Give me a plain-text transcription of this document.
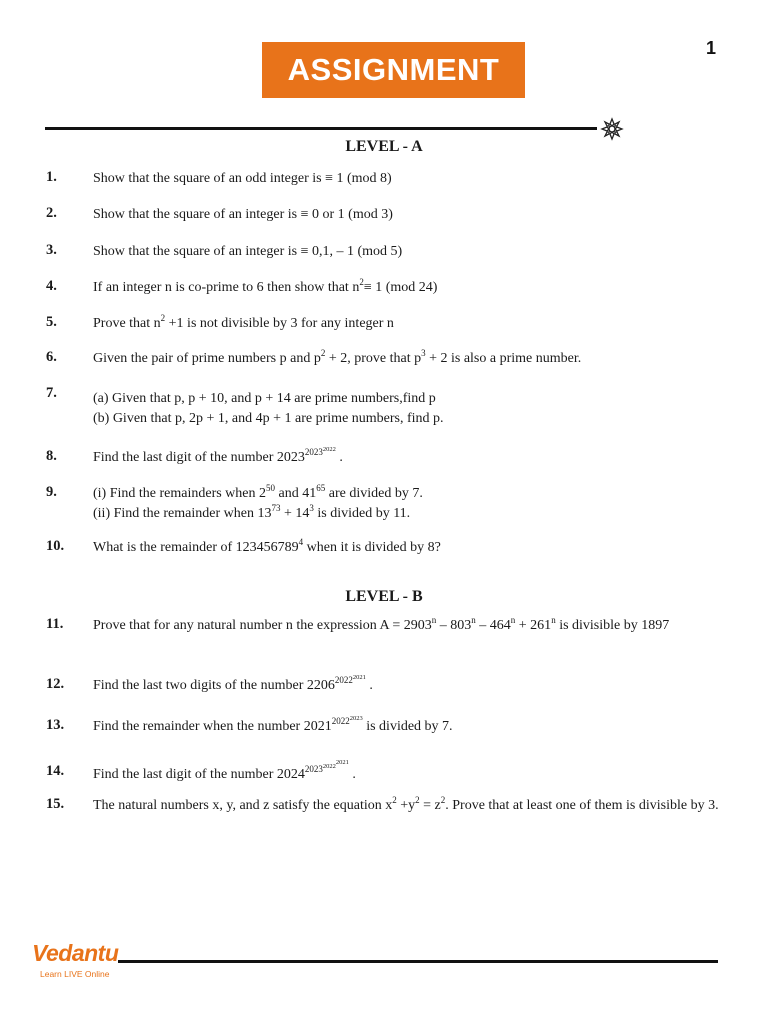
1
ASSIGNMENT
LEVEL - A
1.	Show that the square of an odd integer is ≡ 1 (mod 8)
2.	Show that the square of an integer is ≡ 0 or 1 (mod 3)
3.	Show that the square of an integer is ≡ 0,1, – 1 (mod 5)
4.	If an integer n is co-prime to 6 then show that $n^2\equiv 1$ (mod 24)
5.	Prove that $n^2 +1$ is not divisible by 3 for any integer n
6.	Given the pair of prime numbers p and $p^2 + 2$, prove that $p^3 + 2$ is also a prime number.
7.	(a) Given that p, p + 10, and p + 14 are prime numbers,find p
(b) Given that p, 2p + 1, and 4p + 1 are prime numbers, find p.
8.	Find the last digit of the number $2023^{2023^{2022}}$ .
9.	(i) Find the remainders when $2^{50}$ and $41^{65}$ are divided by 7.
(ii) Find the remainder when $13^{73} + 14^3$ is divided by 11.
10. What is the remainder of 123456789$^4$ when it is divided by 8?
LEVEL - B
11. Prove that for any natural number n the expression $A = 2903^n - 803^n - 464^n + 261^n$ is divisible by 1897
12. Find the last two digits of the number $2206^{2022^{2021}}$ .
13. Find the remainder when the number $2021^{2022^{2023}}$ is divided by 7.
14. Find the last digit of the number $2024^{2023^{2022^{2021}}}$ .
15. The natural numbers x, y, and z satisfy the equation $x^2 +y^2 = z^2$. Prove that at least one of them is divisible by 3.
Vedantu
Learn LIVE Online
